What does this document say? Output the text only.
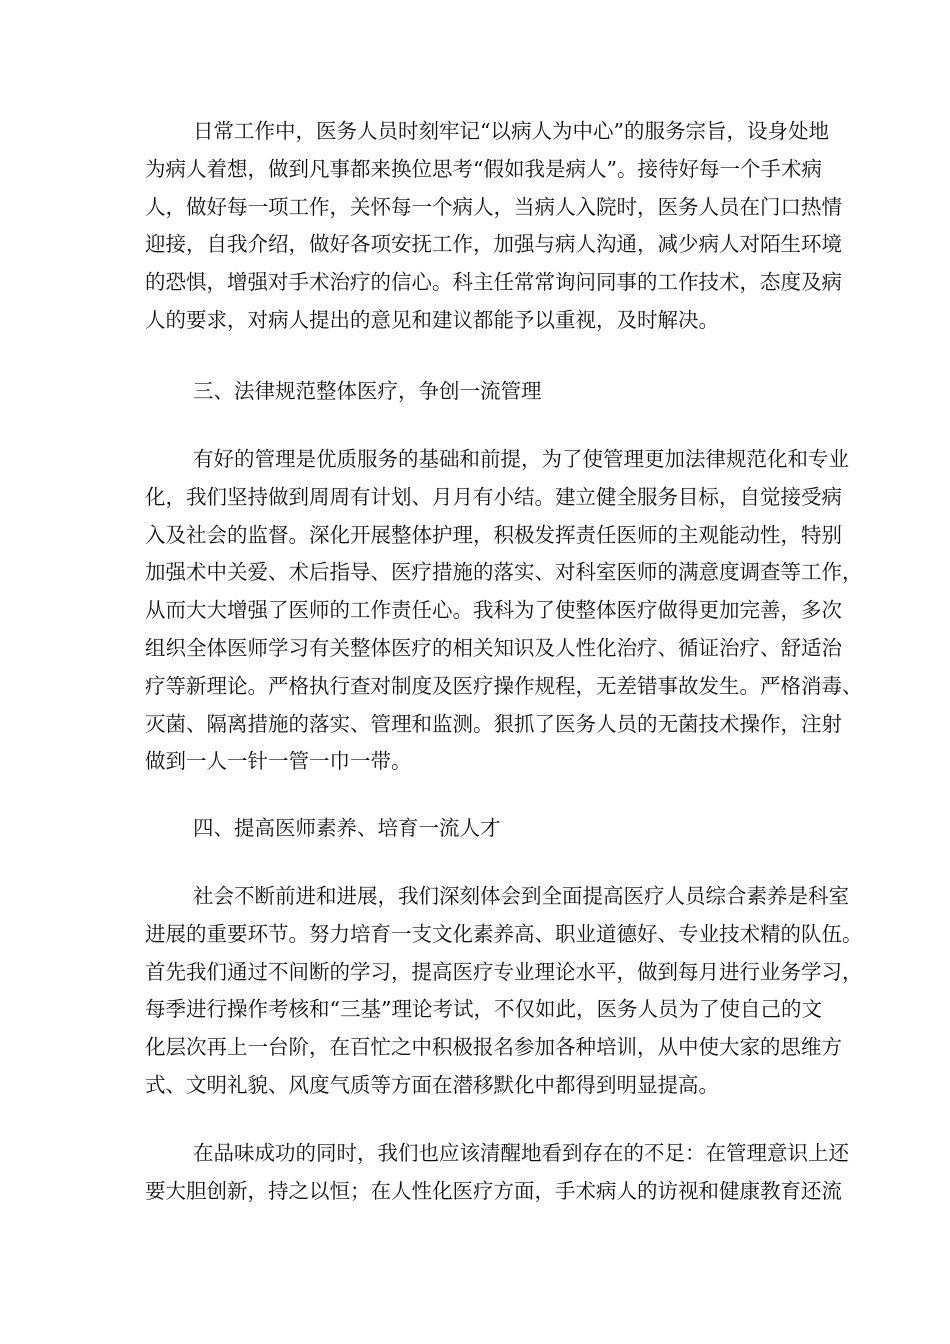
日常工作中，医务人员时刻牢记“以病人为中心”的服务宗旨，设身处地
为病人着想，做到凡事都来换位思考“假如我是病人”。接待好每一个手术病
人，做好每一项工作，关怀每一个病人，当病人入院时，医务人员在门口热情
迎接，自我介绍，做好各项安抚工作，加强与病人沟通，减少病人对陌生环境
的恐惧，增强对手术治疗的信心。科主任常常询问同事的工作技术，态度及病
人的要求，对病人提出的意见和建议都能予以重视，及时解决。
三、法律规范整体医疗，争创一流管理
有好的管理是优质服务的基础和前提，为了使管理更加法律规范化和专业
化，我们坚持做到周周有计划、月月有小结。建立健全服务目标，自觉接受病
入及社会的监督。深化开展整体护理，积极发挥责任医师的主观能动性，特别
加强术中关爱、术后指导、医疗措施的落实、对科室医师的满意度调查等工作，
从而大大增强了医师的工作责任心。我科为了使整体医疗做得更加完善，多次
组织全体医师学习有关整体医疗的相关知识及人性化治疗、循证治疗、舒适治
疗等新理论。严格执行查对制度及医疗操作规程，无差错事故发生。严格消毒、
灭菌、隔离措施的落实、管理和监测。狠抓了医务人员的无菌技术操作，注射
做到一人一针一管一巾一带。
四、提高医师素养、培育一流人才
社会不断前进和进展，我们深刻体会到全面提高医疗人员综合素养是科室
进展的重要环节。努力培育一支文化素养高、职业道德好、专业技术精的队伍。
首先我们通过不间断的学习，提高医疗专业理论水平，做到每月进行业务学习，
每季进行操作考核和“三基”理论考试，不仅如此，医务人员为了使自己的文
化层次再上一台阶，在百忙之中积极报名参加各种培训，从中使大家的思维方
式、文明礼貌、风度气质等方面在潜移默化中都得到明显提高。
在品味成功的同时，我们也应该清醒地看到存在的不足：在管理意识上还
要大胆创新，持之以恒；在人性化医疗方面，手术病人的访视和健康教育还流
